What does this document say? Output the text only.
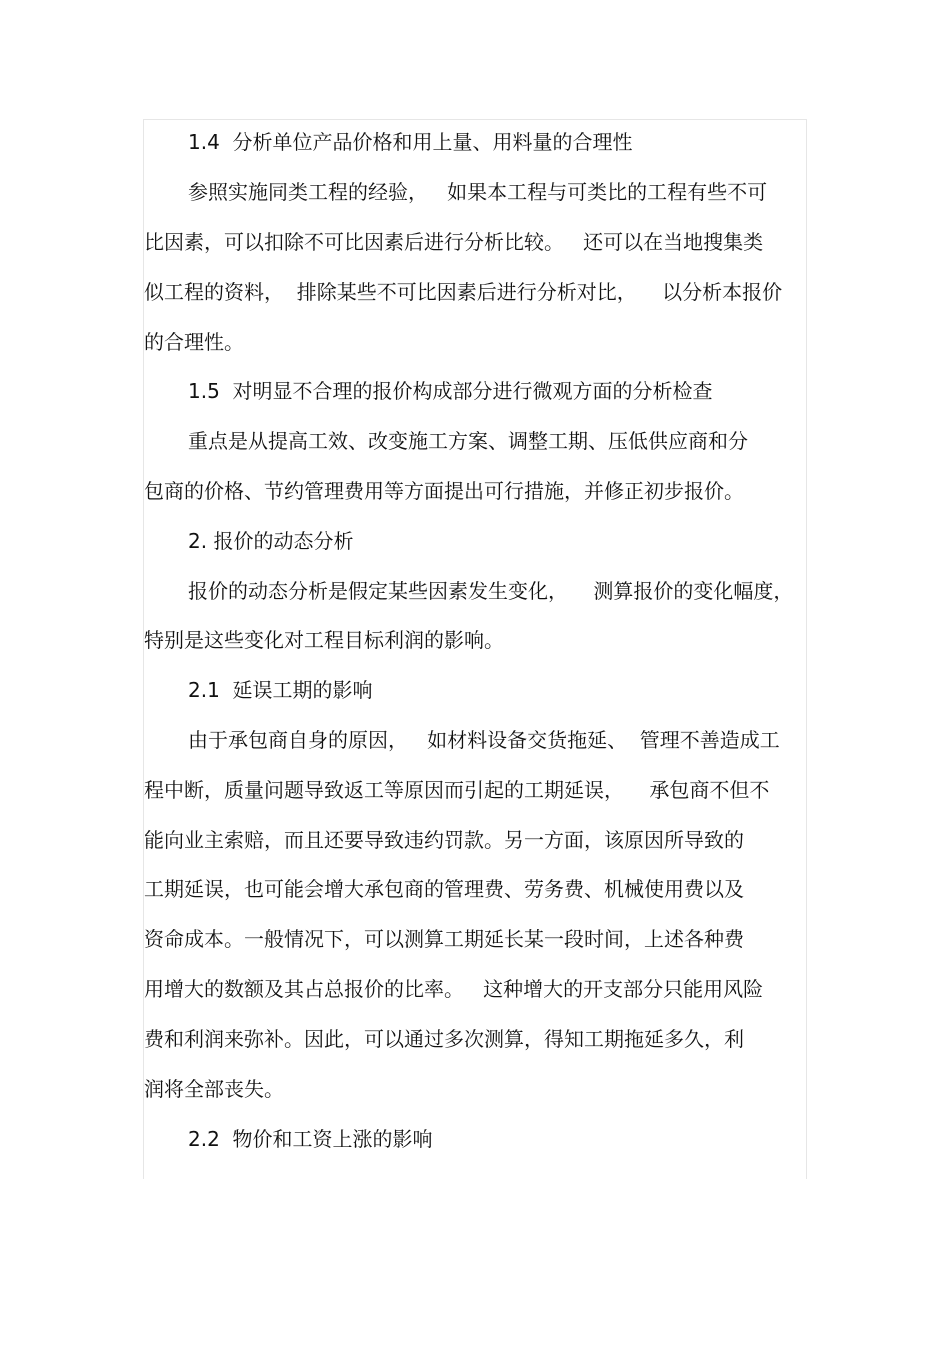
1.4  分析单位产品价格和用上量、用料量的合理性
参照实施同类工程的经验，   如果本工程与可类比的工程有些不可
比因素，可以扣除不可比因素后进行分析比较。   还可以在当地搜集类
似工程的资料，  排除某些不可比因素后进行分析对比，    以分析本报价
的合理性。
1.5  对明显不合理的报价构成部分进行微观方面的分析检查
重点是从提高工效、改变施工方案、调整工期、压低供应商和分
包商的价格、节约管理费用等方面提出可行措施，并修正初步报价。
2. 报价的动态分析
报价的动态分析是假定某些因素发生变化，    测算报价的变化幅度，
特别是这些变化对工程目标利润的影响。
2.1  延误工期的影响
由于承包商自身的原因，   如材料设备交货拖延、  管理不善造成工
程中断，质量问题导致返工等原因而引起的工期延误，    承包商不但不
能向业主索赔，而且还要导致违约罚款。另一方面，该原因所导致的
工期延误，也可能会增大承包商的管理费、劳务费、机械使用费以及
资命成本。一般情况下，可以测算工期延长某一段时间，上述各种费
用增大的数额及其占总报价的比率。   这种增大的开支部分只能用风险
费和利润来弥补。因此，可以通过多次测算，得知工期拖延多久，利
润将全部丧失。
2.2  物价和工资上涨的影响
